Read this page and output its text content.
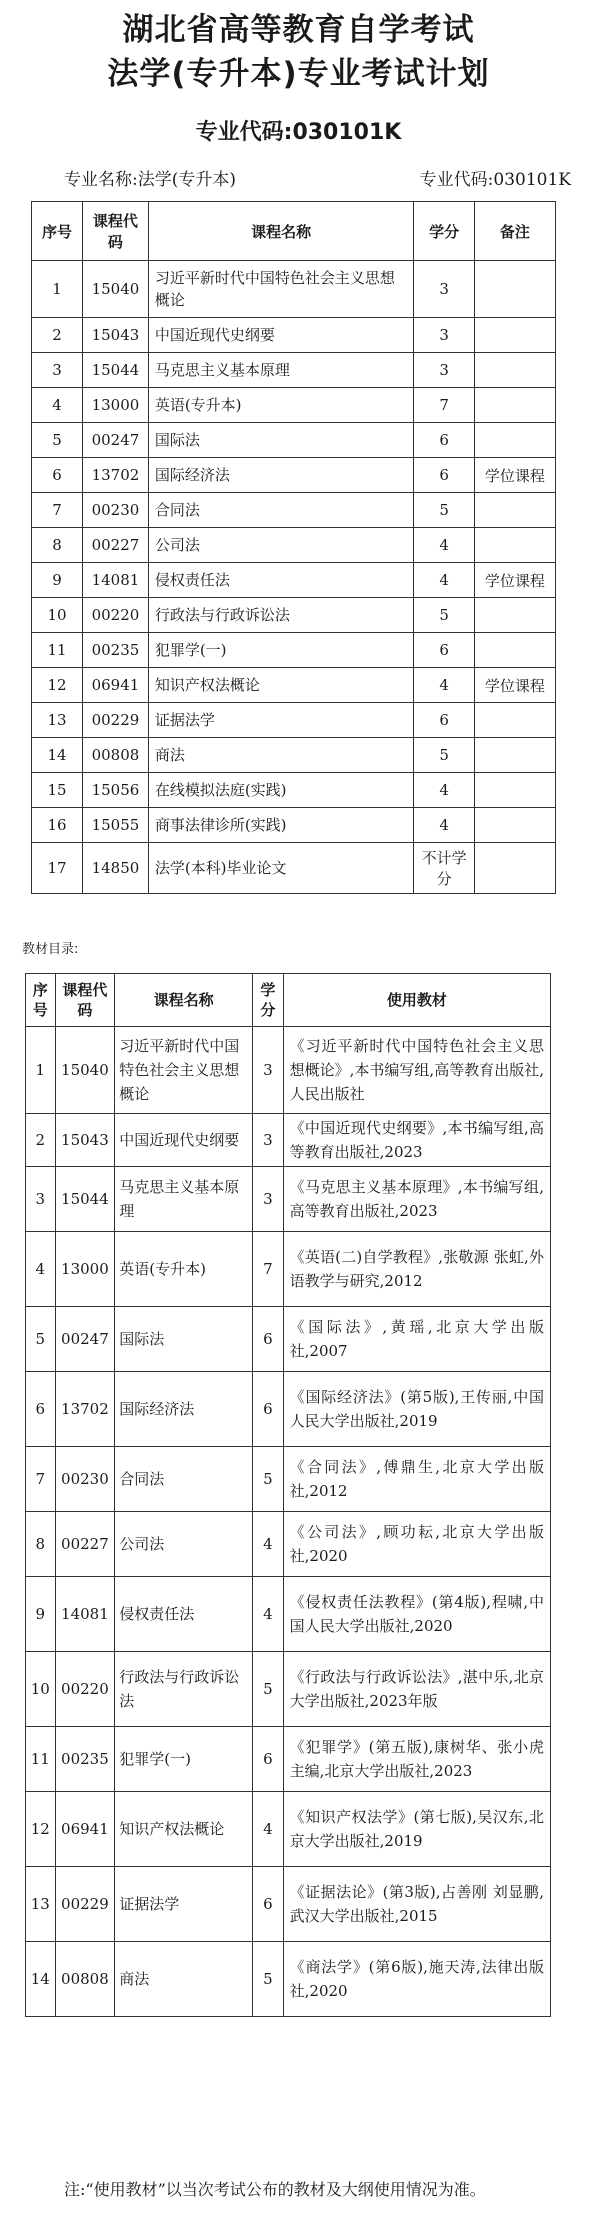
湖北省高等教育自学考试
法学(专升本)专业考试计划
专业代码:030101K
专业名称:法学(专升本)	专业代码:030101K
序号	课程代码	课程名称	学分	备注
1	15040	习近平新时代中国特色社会主义思想概论	3	
2	15043	中国近现代史纲要	3	
3	15044	马克思主义基本原理	3	
4	13000	英语(专升本)	7	
5	00247	国际法	6	
6	13702	国际经济法	6	学位课程
7	00230	合同法	5	
8	00227	公司法	4	
9	14081	侵权责任法	4	学位课程
10	00220	行政法与行政诉讼法	5	
11	00235	犯罪学(一)	6	
12	06941	知识产权法概论	4	学位课程
13	00229	证据法学	6	
14	00808	商法	5	
15	15056	在线模拟法庭(实践)	4	
16	15055	商事法律诊所(实践)	4	
17	14850	法学(本科)毕业论文	不计学分	
教材目录:
序号	课程代码	课程名称	学分	使用教材
1	15040	习近平新时代中国特色社会主义思想概论	3	《习近平新时代中国特色社会主义思想概论》,本书编写组,高等教育出版社,人民出版社
2	15043	中国近现代史纲要	3	《中国近现代史纲要》,本书编写组,高等教育出版社,2023
3	15044	马克思主义基本原理	3	《马克思主义基本原理》,本书编写组,高等教育出版社,2023
4	13000	英语(专升本)	7	《英语(二)自学教程》,张敬源 张虹,外语教学与研究,2012
5	00247	国际法	6	《国际法》,黄瑶,北京大学出版社,2007
6	13702	国际经济法	6	《国际经济法》(第5版),王传丽,中国人民大学出版社,2019
7	00230	合同法	5	《合同法》,傅鼎生,北京大学出版社,2012
8	00227	公司法	4	《公司法》,顾功耘,北京大学出版社,2020
9	14081	侵权责任法	4	《侵权责任法教程》(第4版),程啸,中国人民大学出版社,2020
10	00220	行政法与行政诉讼法	5	《行政法与行政诉讼法》,湛中乐,北京大学出版社,2023年版
11	00235	犯罪学(一)	6	《犯罪学》(第五版),康树华、张小虎主编,北京大学出版社,2023
12	06941	知识产权法概论	4	《知识产权法学》(第七版),吴汉东,北京大学出版社,2019
13	00229	证据法学	6	《证据法论》(第3版),占善刚 刘显鹏,武汉大学出版社,2015
14	00808	商法	5	《商法学》(第6版),施天涛,法律出版社,2020
注:“使用教材”以当次考试公布的教材及大纲使用情况为准。
